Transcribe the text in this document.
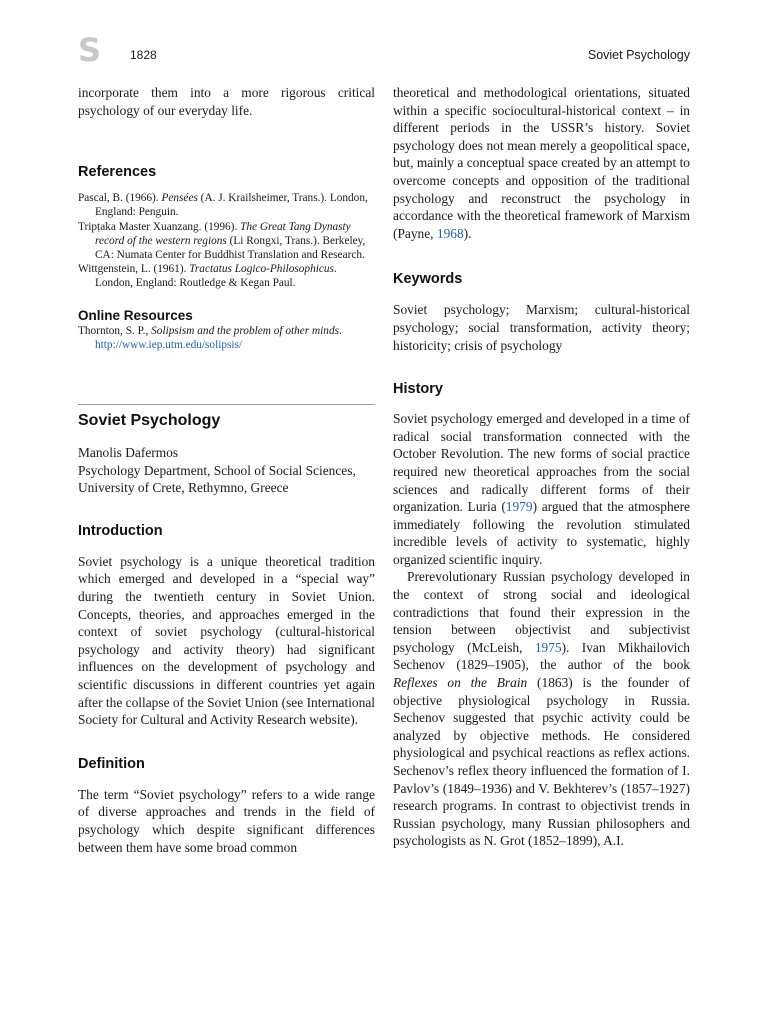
S 1828	Soviet Psychology

incorporate them into a more rigorous critical psychology of our everyday life.

References

Pascal, B. (1966). Pensées (A. J. Krailsheimer, Trans.). London, England: Penguin.

Tripṭaka Master Xuanzang. (1996). The Great Tang Dynasty record of the western regions (Li Rongxi, Trans.). Berkeley, CA: Numata Center for Buddhist Translation and Research.

Wittgenstein, L. (1961). Tractatus Logico-Philosophicus. London, England: Routledge & Kegan Paul.

Online Resources

Thornton, S. P., Solipsism and the problem of other minds. http://www.iep.utm.edu/solipsis/

Soviet Psychology

Manolis Dafermos

Psychology Department, School of Social Sciences, University of Crete, Rethymno, Greece

Introduction

Soviet psychology is a unique theoretical tradition which emerged and developed in a “special way” during the twentieth century in Soviet Union. Concepts, theories, and approaches emerged in the context of soviet psychology (cultural-historical psychology and activity theory) had significant influences on the development of psychology and scientific discussions in different countries yet again after the collapse of the Soviet Union (see International Society for Cultural and Activity Research website).

Definition

The term “Soviet psychology” refers to a wide range of diverse approaches and trends in the field of psychology which despite significant differences between them have some broad common

theoretical and methodological orientations, situated within a specific sociocultural-historical context – in different periods in the USSR’s history. Soviet psychology does not mean merely a geopolitical space, but, mainly a conceptual space created by an attempt to overcome concepts and opposition of the traditional psychology and reconstruct the psychology in accordance with the theoretical framework of Marxism (Payne, 1968).

Keywords

Soviet psychology; Marxism; cultural-historical psychology; social transformation, activity theory; historicity; crisis of psychology

History

Soviet psychology emerged and developed in a time of radical social transformation connected with the October Revolution. The new forms of social practice required new theoretical approaches from the social sciences and radically different forms of their organization. Luria (1979) argued that the atmosphere immediately following the revolution stimulated incredible levels of activity to systematic, highly organized scientific inquiry.

Prerevolutionary Russian psychology developed in the context of strong social and ideological contradictions that found their expression in the tension between objectivist and subjectivist psychology (McLeish, 1975). Ivan Mikhailovich Sechenov (1829–1905), the author of the book Reflexes on the Brain (1863) is the founder of objective physiological psychology in Russia. Sechenov suggested that psychic activity could be analyzed by objective methods. He considered physiological and psychical reactions as reflex actions. Sechenov’s reflex theory influenced the formation of I. Pavlov’s (1849–1936) and V. Bekhterev’s (1857–1927) research programs. In contrast to objectivist trends in Russian psychology, many Russian philosophers and psychologists as N. Grot (1852–1899), A.I.
